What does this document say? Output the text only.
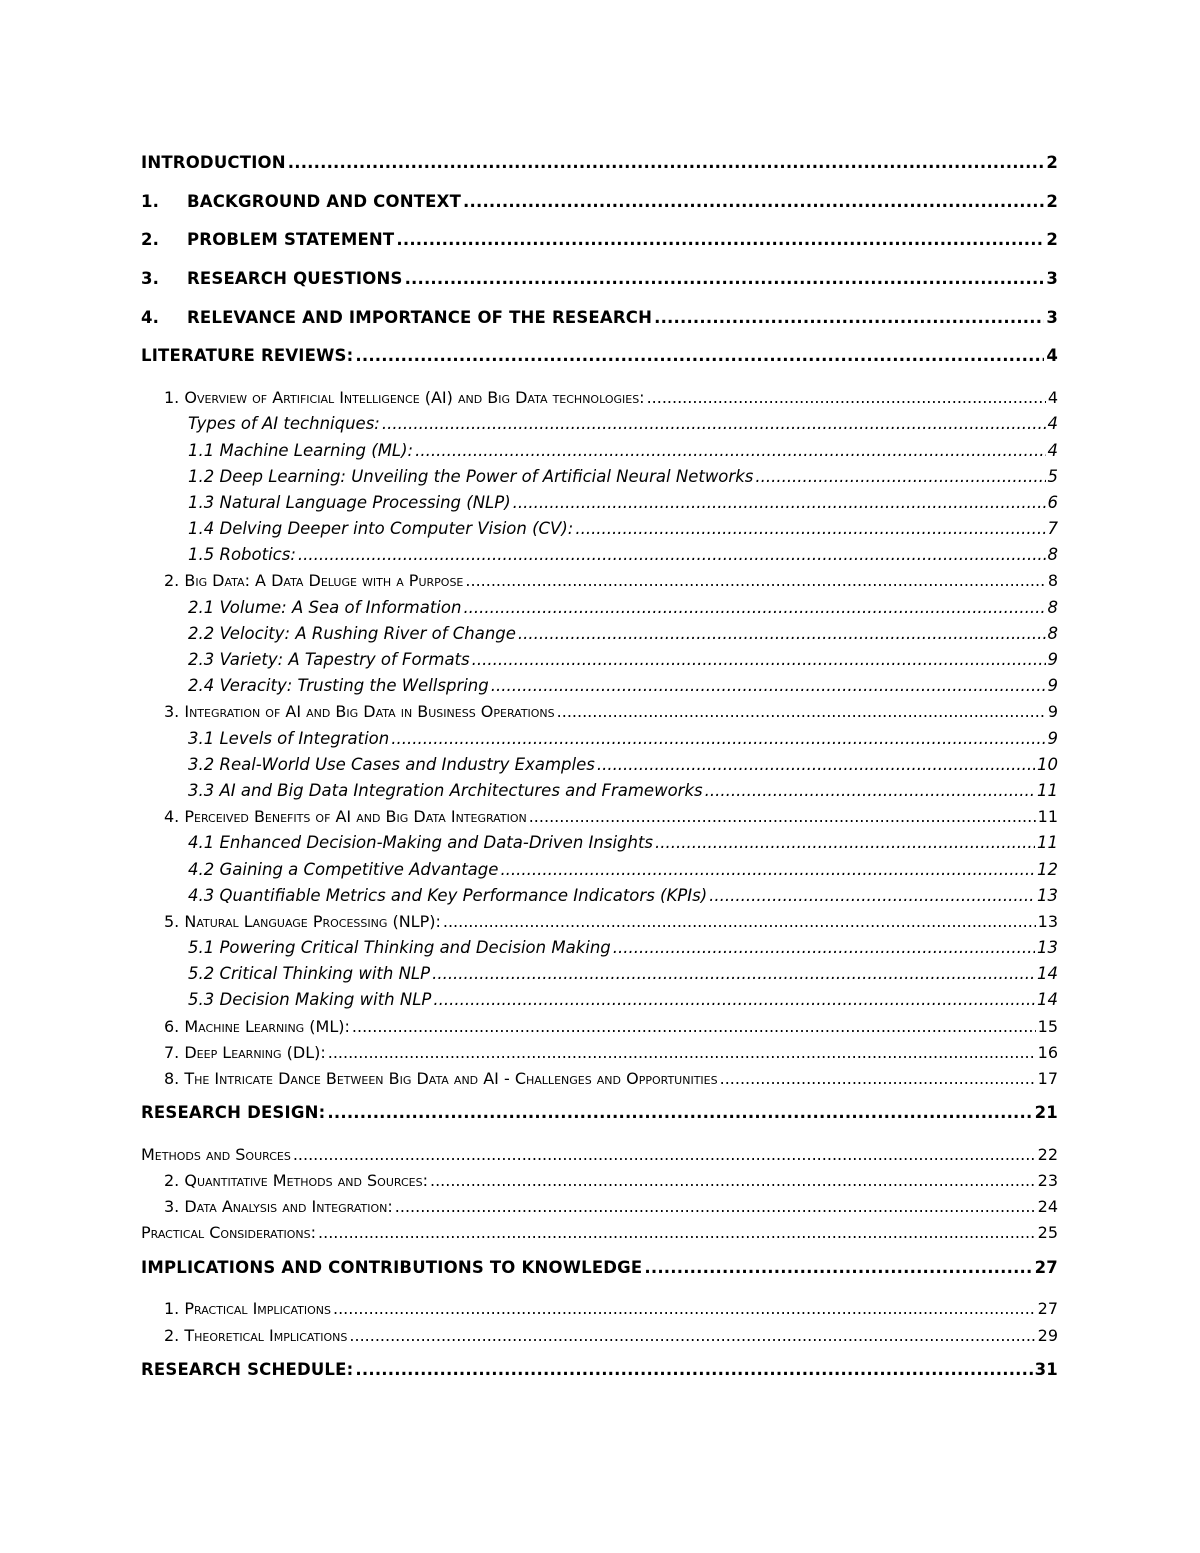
INTRODUCTION .....	2
1. BACKGROUND AND CONTEXT .....	2
2. PROBLEM STATEMENT .....	2
3. RESEARCH QUESTIONS .....	3
4. RELEVANCE AND IMPORTANCE OF THE RESEARCH .....	3
LITERATURE REVIEWS: .....	4
1. Overview of Artificial Intelligence (AI) and Big Data technologies: .....	4
Types of AI techniques: .....	4
1.1 Machine Learning (ML): .....	4
1.2 Deep Learning: Unveiling the Power of Artificial Neural Networks .....	5
1.3 Natural Language Processing (NLP) .....	6
1.4 Delving Deeper into Computer Vision (CV): .....	7
1.5 Robotics: .....	8
2. Big Data: A Data Deluge with a Purpose .....	8
2.1 Volume: A Sea of Information .....	8
2.2 Velocity: A Rushing River of Change .....	8
2.3 Variety: A Tapestry of Formats .....	9
2.4 Veracity: Trusting the Wellspring .....	9
3. Integration of AI and Big Data in Business Operations .....	9
3.1 Levels of Integration .....	9
3.2 Real-World Use Cases and Industry Examples .....	10
3.3 AI and Big Data Integration Architectures and Frameworks .....	11
4. Perceived Benefits of AI and Big Data Integration .....	11
4.1 Enhanced Decision-Making and Data-Driven Insights .....	11
4.2 Gaining a Competitive Advantage .....	12
4.3 Quantifiable Metrics and Key Performance Indicators (KPIs) .....	13
5. Natural Language Processing (NLP): .....	13
5.1 Powering Critical Thinking and Decision Making .....	13
5.2 Critical Thinking with NLP .....	14
5.3 Decision Making with NLP .....	14
6. Machine Learning (ML): .....	15
7. Deep Learning (DL): .....	16
8. The Intricate Dance Between Big Data and AI - Challenges and Opportunities .....	17
RESEARCH DESIGN: .....	21
Methods and Sources .....	22
2. Quantitative Methods and Sources: .....	23
3. Data Analysis and Integration: .....	24
Practical Considerations: .....	25
IMPLICATIONS AND CONTRIBUTIONS TO KNOWLEDGE .....	27
1. Practical Implications .....	27
2. Theoretical Implications .....	29
RESEARCH SCHEDULE: .....	31
